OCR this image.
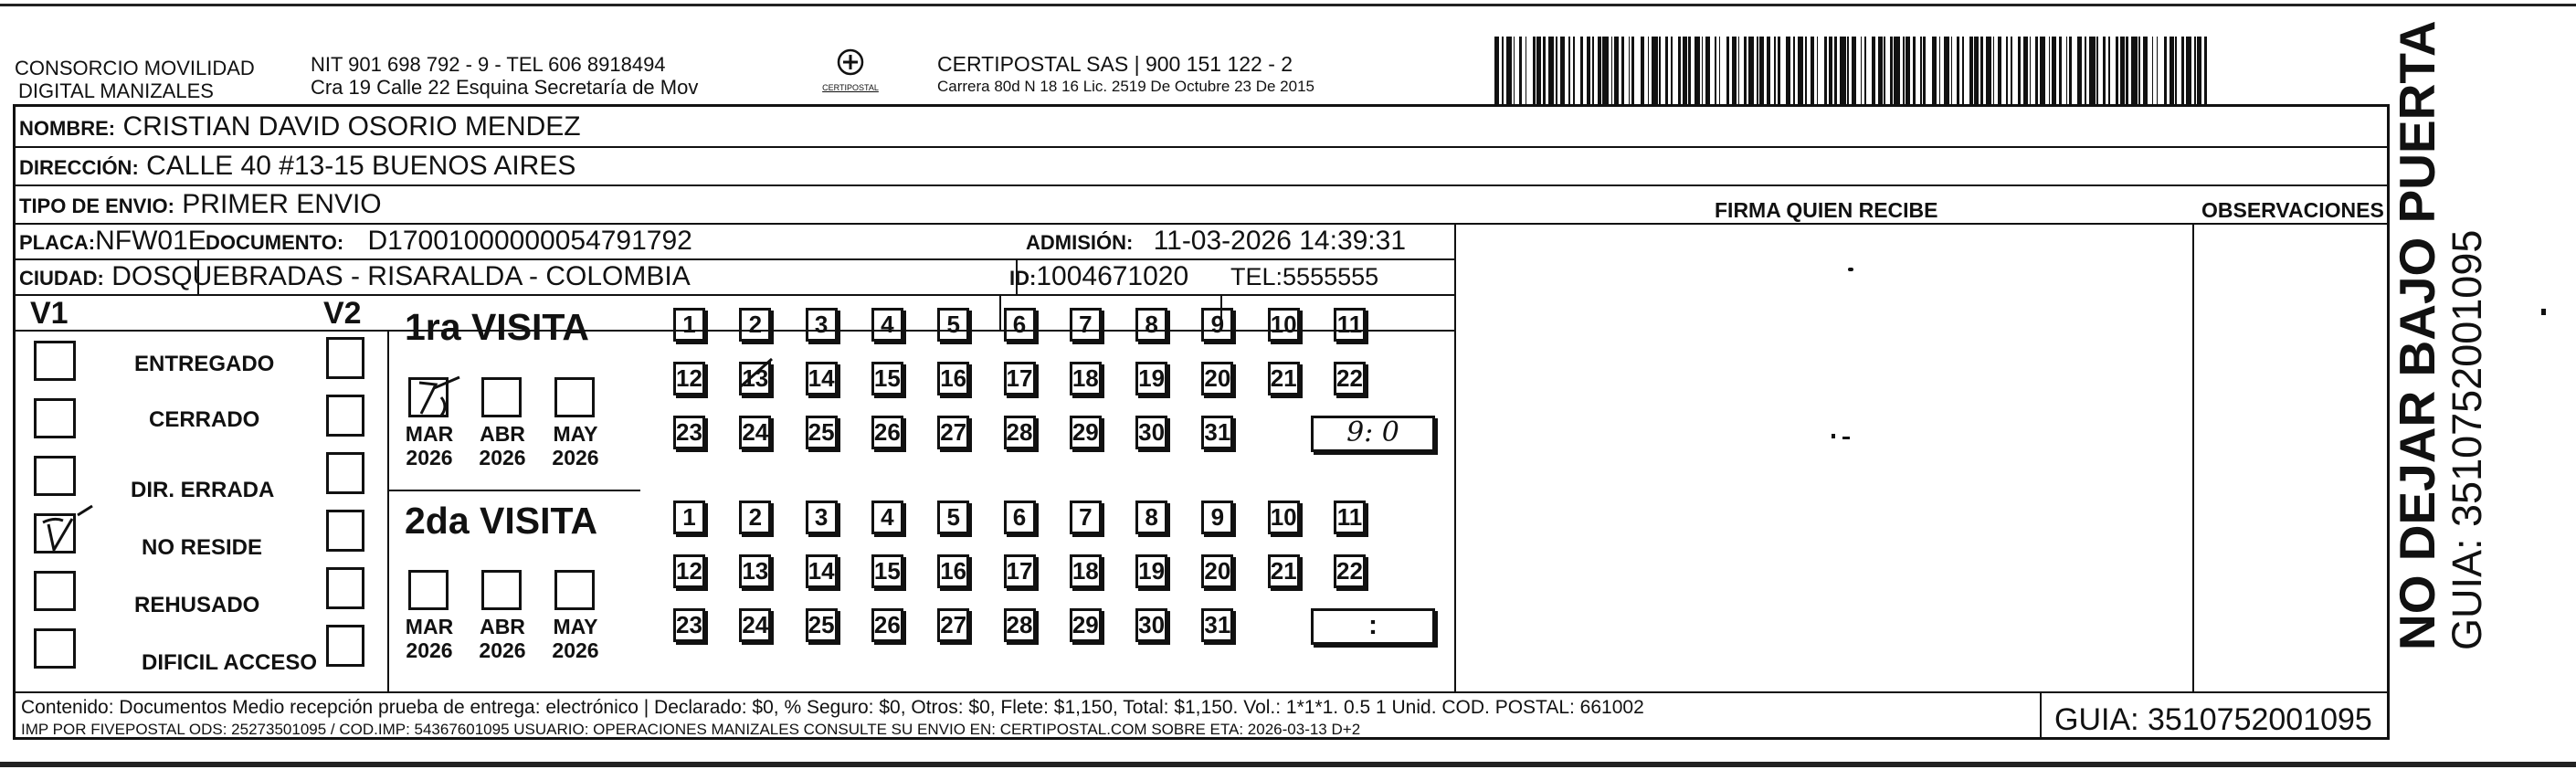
CONSORCIO MOVILIDAD
DIGITAL MANIZALES
NIT 901 698 792 - 9 - TEL 606 8918494
Cra 19 Calle 22 Esquina Secretaría de Mov	CERTIPOSTAL
CERTIPOSTAL SAS | 900 151 122 - 2
Carrera 80d N 18 16 Lic. 2519 De Octubre 23 De 2015
NOMBRE: CRISTIAN DAVID OSORIO MENDEZ
DIRECCIÓN: CALLE 40 #13-15 BUENOS AIRES
TIPO DE ENVIO: PRIMER ENVIO
PLACA:NFW01E DOCUMENTO: D17001000000054791792	ADMISIÓN: 11-03-2026 14:39:31
CIUDAD: DOSQUEBRADAS - RISARALDA - COLOMBIA	ID:1004671020 TEL:5555555
FIRMA QUIEN RECIBE	OBSERVACIONES
V1	V2
ENTREGADO
CERRADO
DIR. ERRADA
NO RESIDE
REHUSADO
DIFICIL ACCESO
1ra VISITA
2da VISITA
MAR
2026
ABR
2026
MAY
2026
1	2	3	4	5	6	7	8	9	10 11
12 13 14 15 16 17 18 19 20 21 22
23 24 25 26 27 28 29 30 31	9: 0
MAR
2026
ABR
2026
MAY
2026
1	2	3	4	5	6	7	8	9	10 11
12 13 14 15 16 17 18 19 20 21 22
23 24 25 26 27 28 29 30 31	:
Contenido: Documentos Medio recepción prueba de entrega: electrónico | Declarado: $0, % Seguro: $0, Otros: $0, Flete: $1,150, Total: $1,150. Vol.: 1*1*1. 0.5 1 Unid. COD. POSTAL: 661002
IMP POR FIVEPOSTAL ODS: 25273501095 / COD.IMP: 54367601095 USUARIO: OPERACIONES MANIZALES CONSULTE SU ENVIO EN: CERTIPOSTAL.COM SOBRE ETA: 2026-03-13 D+2	GUIA: 3510752001095
NO DEJAR BAJO PUERTA
GUIA: 3510752001095
